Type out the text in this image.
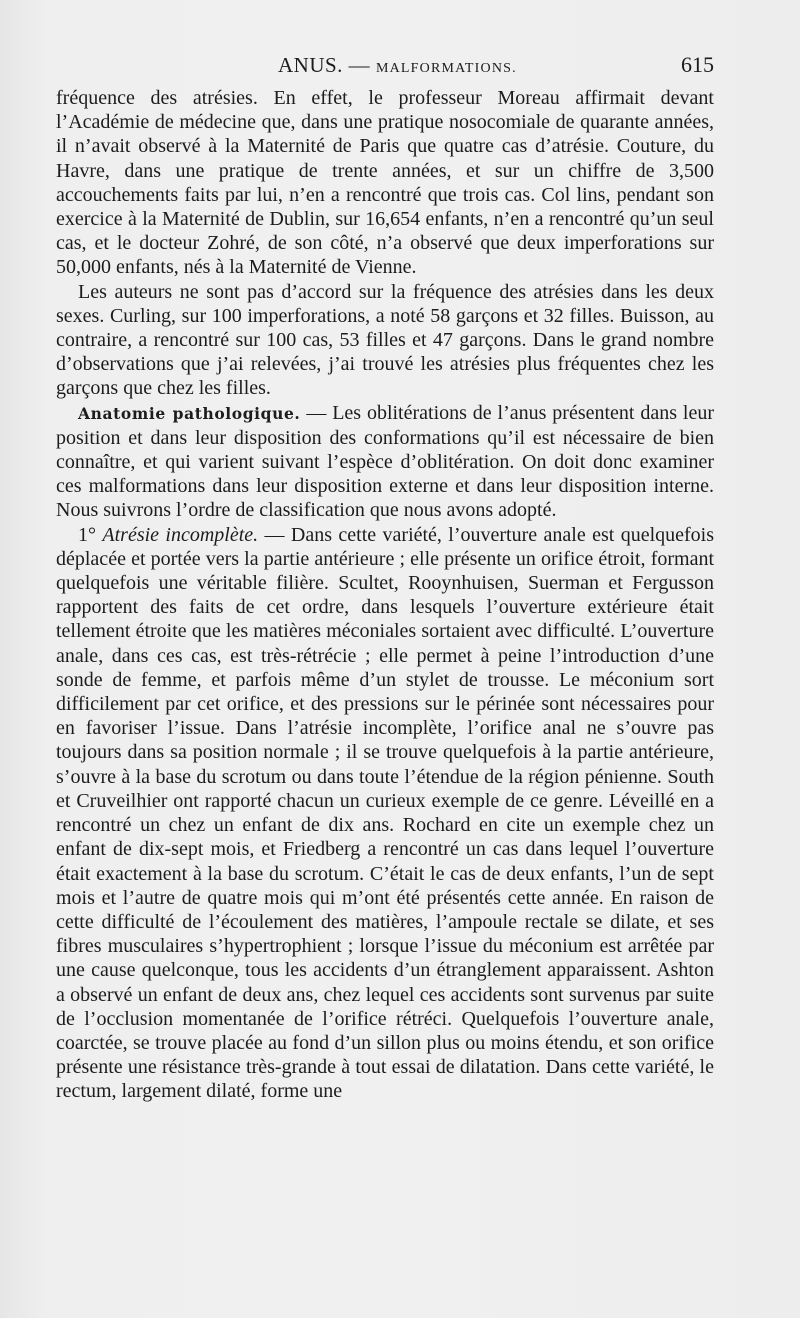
ANUS. — MALFORMATIONS.	615

fréquence des atrésies. En effet, le professeur Moreau affirmait devant l’Académie de médecine que, dans une pratique nosocomiale de quarante années, il n’avait observé à la Maternité de Paris que quatre cas d’atrésie. Couture, du Havre, dans une pratique de trente années, et sur un chiffre de 3,500 accouchements faits par lui, n’en a rencontré que trois cas. Col lins, pendant son exercice à la Maternité de Dublin, sur 16,654 enfants, n’en a rencontré qu’un seul cas, et le docteur Zohré, de son côté, n’a observé que deux imperforations sur 50,000 enfants, nés à la Maternité de Vienne.

Les auteurs ne sont pas d’accord sur la fréquence des atrésies dans les deux sexes. Curling, sur 100 imperforations, a noté 58 garçons et 32 filles. Buisson, au contraire, a rencontré sur 100 cas, 53 filles et 47 garçons. Dans le grand nombre d’observations que j’ai relevées, j’ai trouvé les atrésies plus fréquentes chez les garçons que chez les filles.

Anatomie pathologique. — Les oblitérations de l’anus présentent dans leur position et dans leur disposition des conformations qu’il est nécessaire de bien connaître, et qui varient suivant l’espèce d’oblitération. On doit donc examiner ces malformations dans leur disposition externe et dans leur disposition interne. Nous suivrons l’ordre de classification que nous avons adopté.

1° Atrésie incomplète. — Dans cette variété, l’ouverture anale est quelquefois déplacée et portée vers la partie antérieure ; elle présente un orifice étroit, formant quelquefois une véritable filière. Scultet, Rooynhuisen, Suerman et Fergusson rapportent des faits de cet ordre, dans lesquels l’ouverture extérieure était tellement étroite que les matières méconiales sortaient avec difficulté. L’ouverture anale, dans ces cas, est très-rétrécie ; elle permet à peine l’introduction d’une sonde de femme, et parfois même d’un stylet de trousse. Le méconium sort difficilement par cet orifice, et des pressions sur le périnée sont nécessaires pour en favoriser l’issue. Dans l’atrésie incomplète, l’orifice anal ne s’ouvre pas toujours dans sa position normale ; il se trouve quelquefois à la partie antérieure, s’ouvre à la base du scrotum ou dans toute l’étendue de la région pénienne. South et Cruveilhier ont rapporté chacun un curieux exemple de ce genre. Léveillé en a rencontré un chez un enfant de dix ans. Rochard en cite un exemple chez un enfant de dix-sept mois, et Friedberg a rencontré un cas dans lequel l’ouverture était exactement à la base du scrotum. C’était le cas de deux enfants, l’un de sept mois et l’autre de quatre mois qui m’ont été présentés cette année. En raison de cette difficulté de l’écoulement des matières, l’ampoule rectale se dilate, et ses fibres musculaires s’hypertrophient ; lorsque l’issue du méconium est arrêtée par une cause quelconque, tous les accidents d’un étranglement apparaissent. Ashton a observé un enfant de deux ans, chez lequel ces accidents sont survenus par suite de l’occlusion momentanée de l’orifice rétréci. Quelquefois l’ouverture anale, coarctée, se trouve placée au fond d’un sillon plus ou moins étendu, et son orifice présente une résistance très-grande à tout essai de dilatation. Dans cette variété, le rectum, largement dilaté, forme une
